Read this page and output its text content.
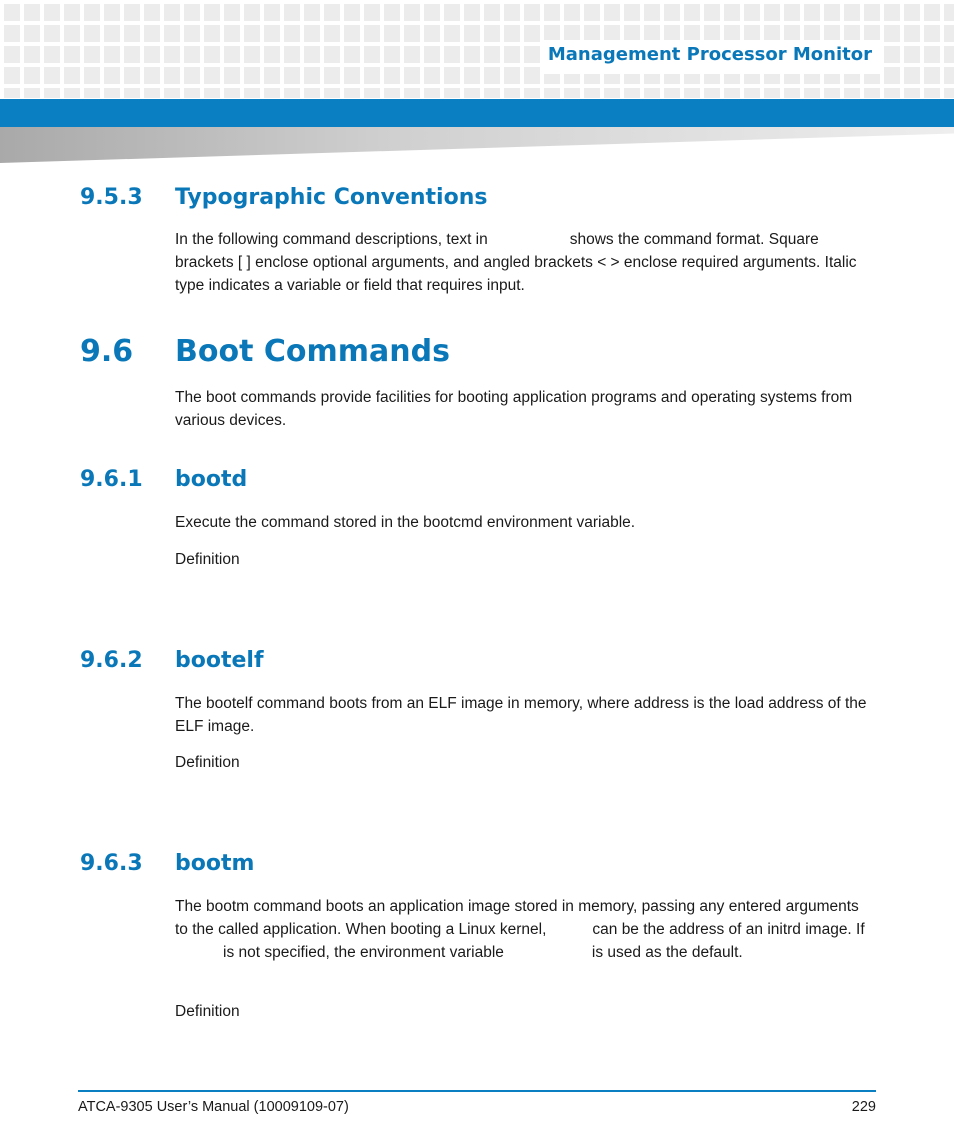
Management Processor Monitor
9.5.3 Typographic Conventions
In the following command descriptions, text in	shows the command format. Square brackets [ ] enclose optional arguments, and angled brackets < > enclose required arguments. Italic type indicates a variable or field that requires input.
9.6 Boot Commands
The boot commands provide facilities for booting application programs and operating systems from various devices.
9.6.1 bootd
Execute the command stored in the bootcmd environment variable.
Definition
9.6.2 bootelf
The bootelf command boots from an ELF image in memory, where address is the load address of the ELF image.
Definition
9.6.3 bootm
The bootm command boots an application image stored in memory, passing any entered arguments to the called application. When booting a Linux kernel,	can be the address of an initrd image. Ifis not specified, the environment variable	is used as the default.
Definition
ATCA-9305 User’s Manual (10009109-07)	229
